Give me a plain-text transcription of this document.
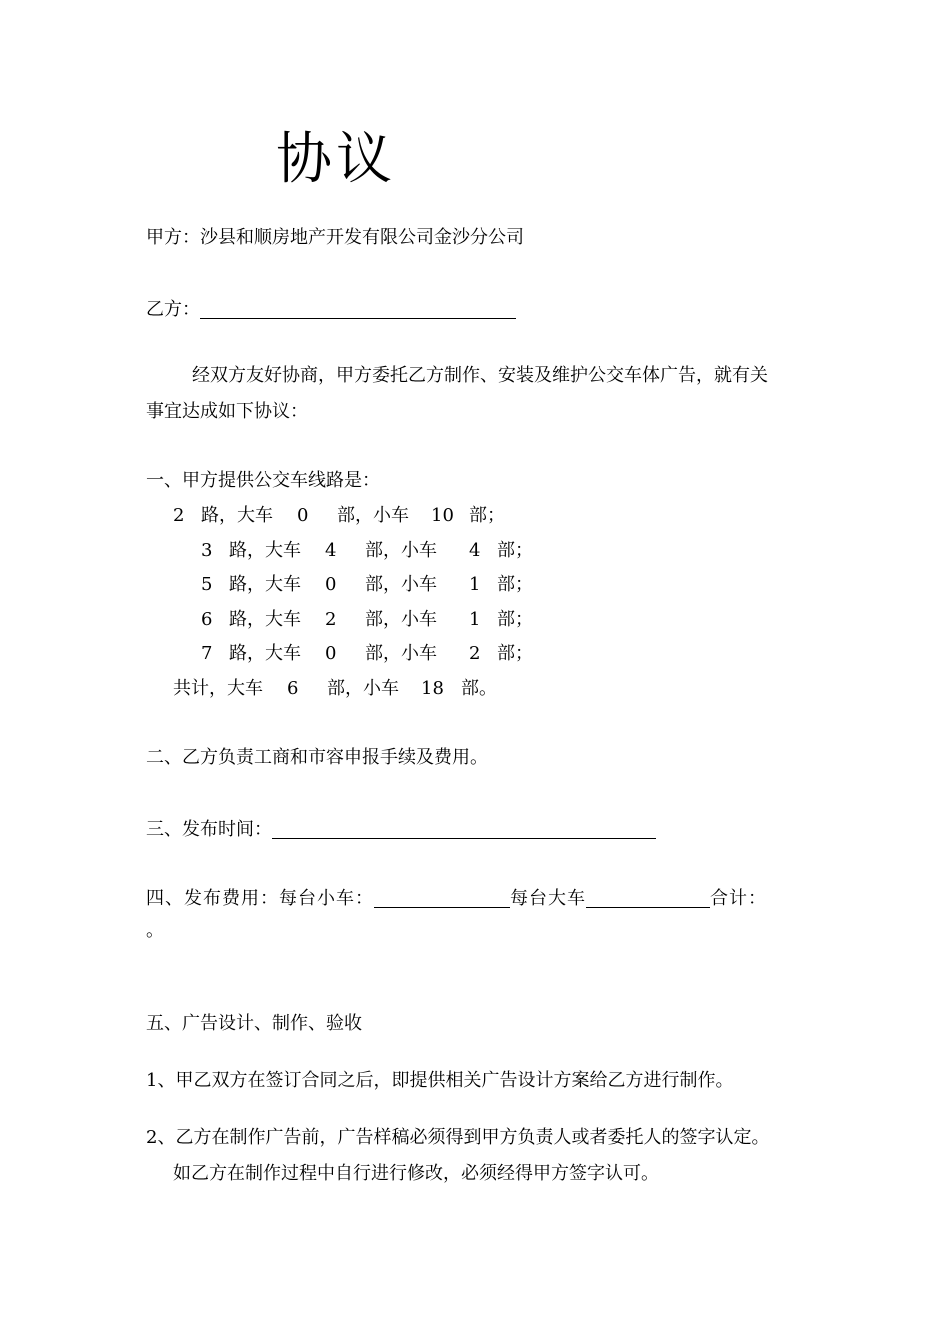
协议
甲方：沙县和顺房地产开发有限公司金沙分公司
乙方：
经双方友好协商，甲方委托乙方制作、安装及维护公交车体广告，就有关
事宜达成如下协议：
一、甲方提供公交车线路是：
2 路，大车 0 部，小车 10 部；
3 路，大车 4 部，小车 4 部；
5 路，大车 0 部，小车 1 部；
6 路，大车 2 部，小车 1 部；
7 路，大车 0 部，小车 2 部；
共计，大车 6 部，小车 18 部。
二、乙方负责工商和市容申报手续及费用。
三、发布时间：
四、发布费用：每台小车：	每台大车	合计：
。
五、广告设计、制作、验收
1、甲乙双方在签订合同之后，即提供相关广告设计方案给乙方进行制作。
2、乙方在制作广告前，广告样稿必须得到甲方负责人或者委托人的签字认定。
如乙方在制作过程中自行进行修改，必须经得甲方签字认可。
